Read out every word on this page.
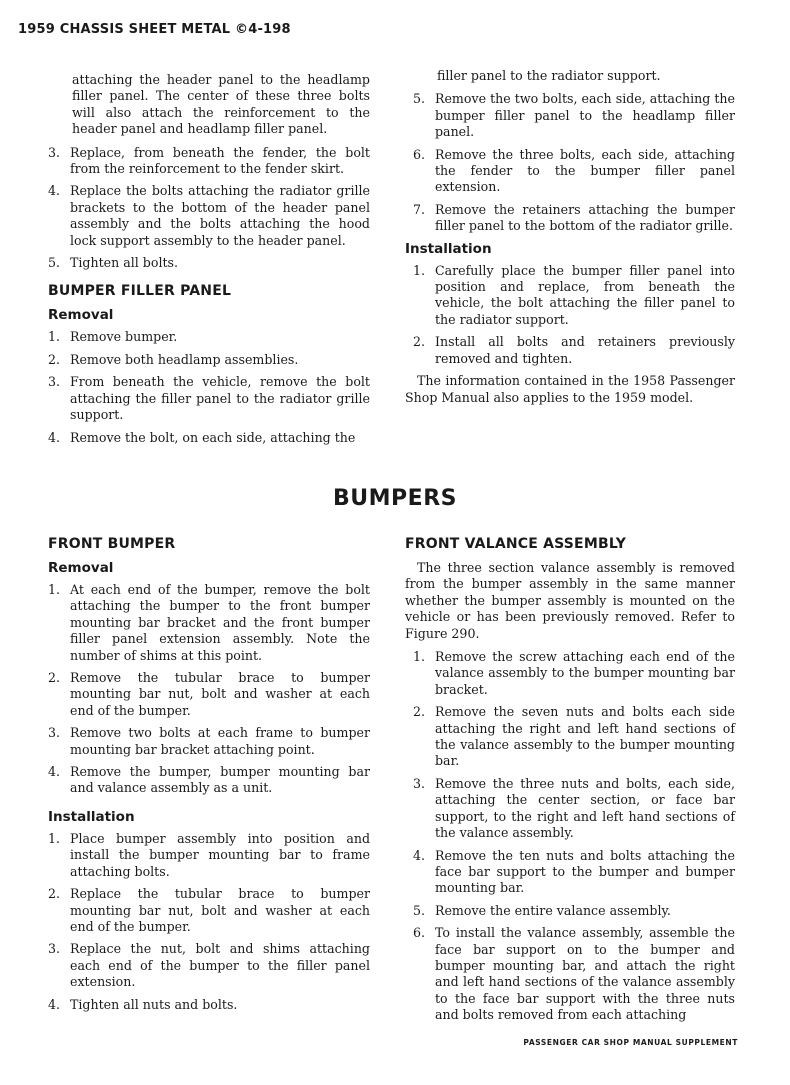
1959 CHASSIS SHEET METAL ©4-198

attaching the header panel to the headlamp filler panel. The center of these three bolts will also attach the reinforcement to the header panel and headlamp filler panel.

3. Replace, from beneath the fender, the bolt from the reinforcement to the fender skirt.
4. Replace the bolts attaching the radiator grille brackets to the bottom of the header panel assembly and the bolts attaching the hood lock support assembly to the header panel.
5. Tighten all bolts.
BUMPER FILLER PANEL
Removal
1. Remove bumper.
2. Remove both headlamp assemblies.
3. From beneath the vehicle, remove the bolt attaching the filler panel to the radiator grille support.
4. Remove the bolt, on each side, attaching the

filler panel to the radiator support.

5. Remove the two bolts, each side, attaching the bumper filler panel to the headlamp filler panel.
6. Remove the three bolts, each side, attaching the fender to the bumper filler panel extension.
7. Remove the retainers attaching the bumper filler panel to the bottom of the radiator grille.
Installation
1. Carefully place the bumper filler panel into position and replace, from beneath the vehicle, the bolt attaching the filler panel to the radiator support.
2. Install all bolts and retainers previously removed and tighten.

The information contained in the 1958 Passenger Shop Manual also applies to the 1959 model.

BUMPERS
FRONT BUMPER
Removal
1. At each end of the bumper, remove the bolt attaching the bumper to the front bumper mounting bar bracket and the front bumper filler panel extension assembly. Note the number of shims at this point.
2. Remove the tubular brace to bumper mounting bar nut, bolt and washer at each end of the bumper.
3. Remove two bolts at each frame to bumper mounting bar bracket attaching point.
4. Remove the bumper, bumper mounting bar and valance assembly as a unit.
Installation
1. Place bumper assembly into position and install the bumper mounting bar to frame attaching bolts.
2. Replace the tubular brace to bumper mounting bar nut, bolt and washer at each end of the bumper.
3. Replace the nut, bolt and shims attaching each end of the bumper to the filler panel extension.
4. Tighten all nuts and bolts.
FRONT VALANCE ASSEMBLY

The three section valance assembly is removed from the bumper assembly in the same manner whether the bumper assembly is mounted on the vehicle or has been previously removed. Refer to Figure 290.

1. Remove the screw attaching each end of the valance assembly to the bumper mounting bar bracket.
2. Remove the seven nuts and bolts each side attaching the right and left hand sections of the valance assembly to the bumper mounting bar.
3. Remove the three nuts and bolts, each side, attaching the center section, or face bar support, to the right and left hand sections of the valance assembly.
4. Remove the ten nuts and bolts attaching the face bar support to the bumper and bumper mounting bar.
5. Remove the entire valance assembly.
6. To install the valance assembly, assemble the face bar support on to the bumper and bumper mounting bar, and attach the right and left hand sections of the valance assembly to the face bar support with the three nuts and bolts removed from each attaching
PASSENGER CAR SHOP MANUAL SUPPLEMENT
